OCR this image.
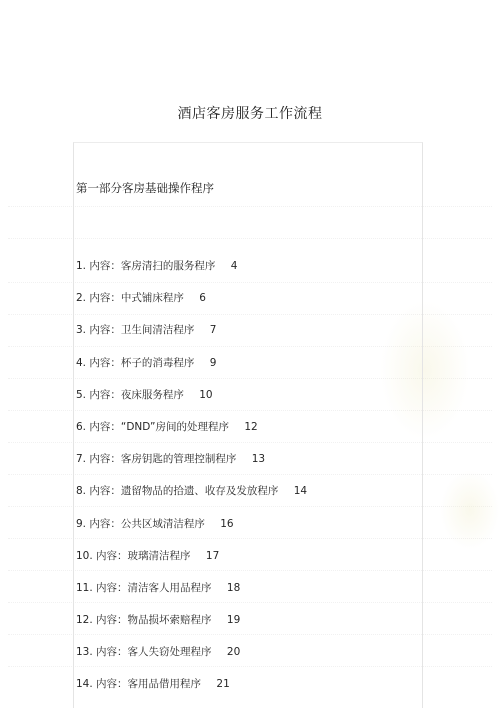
酒店客房服务工作流程
第一部分客房基础操作程序
1. 内容：客房清扫的服务程序 4
2. 内容：中式铺床程序 6
3. 内容：卫生间清洁程序 7
4. 内容：杯子的消毒程序 9
5. 内容：夜床服务程序 10
6. 内容：“DND”房间的处理程序 12
7. 内容：客房钥匙的管理控制程序 13
8. 内容：遗留物品的拾遗、收存及发放程序 14
9. 内容：公共区域清洁程序 16
10. 内容：玻璃清洁程序 17
11. 内容：清洁客人用品程序 18
12. 内容：物品损坏索赔程序 19
13. 内容：客人失窃处理程序 20
14. 内容：客用品借用程序 21
